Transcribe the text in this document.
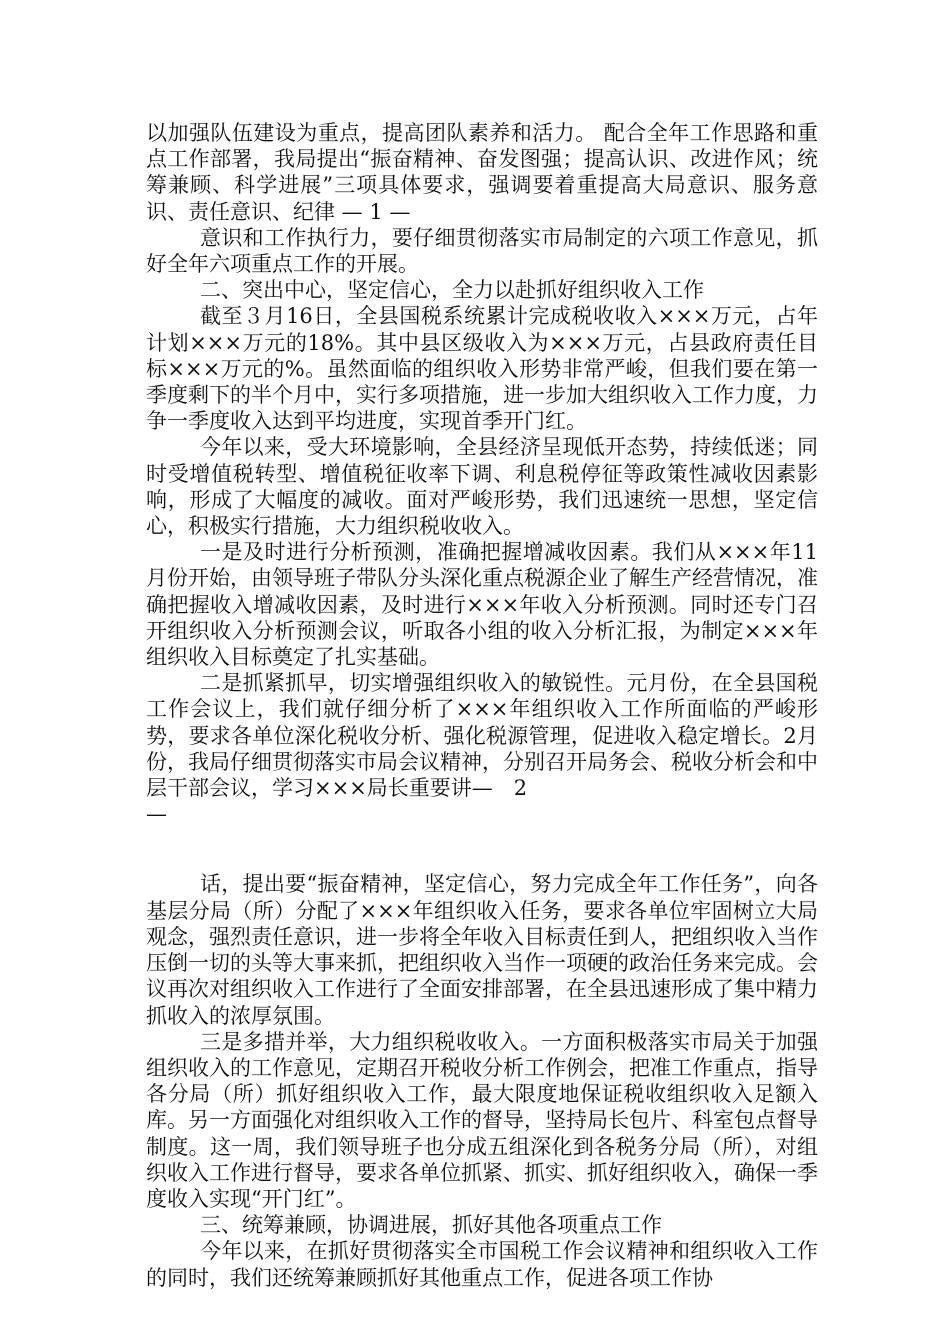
以加强队伍建设为重点，提高团队素养和活力。 配合全年工作思路和重点工作部署，我局提出“振奋精神、奋发图强；提高认识、改进作风；统筹兼顾、科学进展”三项具体要求，强调要着重提高大局意识、服务意识、责任意识、纪律 — 1 —

意识和工作执行力，要仔细贯彻落实市局制定的六项工作意见，抓好全年六项重点工作的开展。

二、突出中心，坚定信心，全力以赴抓好组织收入工作

截至３月16日，全县国税系统累计完成税收收入×××万元，占年计划×××万元的18%。其中县区级收入为×××万元，占县政府责任目标×××万元的%。虽然面临的组织收入形势非常严峻，但我们要在第一季度剩下的半个月中，实行多项措施，进一步加大组织收入工作力度，力争一季度收入达到平均进度，实现首季开门红。

今年以来，受大环境影响，全县经济呈现低开态势，持续低迷；同时受增值税转型、增值税征收率下调、利息税停征等政策性减收因素影响，形成了大幅度的减收。面对严峻形势，我们迅速统一思想，坚定信心，积极实行措施，大力组织税收收入。

一是及时进行分析预测，准确把握增减收因素。我们从×××年11月份开始，由领导班子带队分头深化重点税源企业了解生产经营情况，准确把握收入增减收因素，及时进行×××年收入分析预测。同时还专门召开组织收入分析预测会议，听取各小组的收入分析汇报，为制定×××年组织收入目标奠定了扎实基础。

二是抓紧抓早，切实增强组织收入的敏锐性。元月份，在全县国税工作会议上，我们就仔细分析了×××年组织收入工作所面临的严峻形势，要求各单位深化税收分析、强化税源管理，促进收入稳定增长。2月份，我局仔细贯彻落实市局会议精神，分别召开局务会、税收分析会和中层干部会议，学习×××局长重要讲—　2
—

话，提出要“振奋精神，坚定信心，努力完成全年工作任务”，向各基层分局（所）分配了×××年组织收入任务，要求各单位牢固树立大局观念，强烈责任意识，进一步将全年收入目标责任到人，把组织收入当作压倒一切的头等大事来抓，把组织收入当作一项硬的政治任务来完成。会议再次对组织收入工作进行了全面安排部署，在全县迅速形成了集中精力抓收入的浓厚氛围。

三是多措并举，大力组织税收收入。一方面积极落实市局关于加强组织收入的工作意见，定期召开税收分析工作例会，把准工作重点，指导各分局（所）抓好组织收入工作，最大限度地保证税收组织收入足额入库。另一方面强化对组织收入工作的督导，坚持局长包片、科室包点督导制度。这一周，我们领导班子也分成五组深化到各税务分局（所），对组织收入工作进行督导，要求各单位抓紧、抓实、抓好组织收入，确保一季度收入实现“开门红”。

三、统筹兼顾，协调进展，抓好其他各项重点工作

今年以来，在抓好贯彻落实全市国税工作会议精神和组织收入工作的同时，我们还统筹兼顾抓好其他重点工作，促进各项工作协
